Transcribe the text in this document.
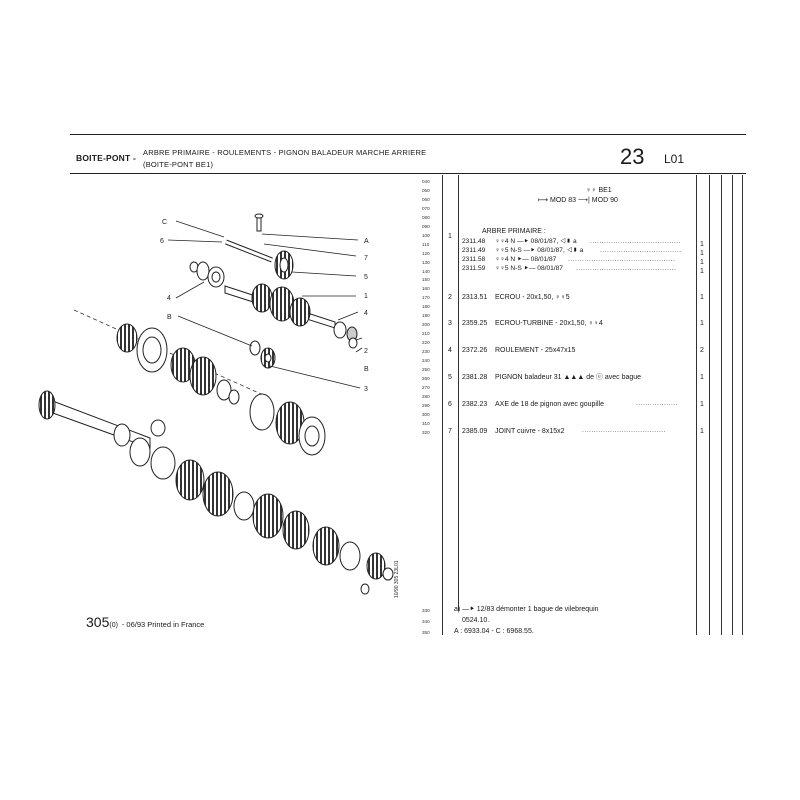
BOITE-PONT -
ARBRE PRIMAIRE - ROULEMENTS - PIGNON BALADEUR MARCHE ARRIERE
(BOITE-PONT BE1)	23 L01
040
050
060
070
080
090
100
110
120
130
140
150
160
170
180
190
200
210
220
230
240
250
260
270
280
290
300
310
320
♀♀ BE1
⟼ MOD 83 ⟶| MOD 90
1
ARBRE PRIMAIRE :
2311.48 ♀♀4 N —⯈ 08/01/87, ◁▮ a .......................................	1
2311.49 ♀♀5 N-S —⯈ 08/01/87, ◁▮ a	...................................	1
2311.58 ♀♀4 N ⯈— 08/01/87 ..............................................	1
2311.59 ♀♀5 N-S ⯈— 08/01/87 ...........................................	1
2 2313.51 ECROU - 20x1,50, ♀♀5	1
3 2359.25 ECROU-TURBINE - 20x1,50, ♀♀4	1
4 2372.26 ROULEMENT - 25x47x15	2
5 2381.28 PIGNON baladeur 31 ▲▲▲ de ⓔ avec bague	1
6 2382.23 AXE de 18 de pignon avec goupille	..................	1
7 2385.09 JOINT cuivre - 8x15x2	....................................	1
330
340
350
a) —⯈ 12/83 démonter 1 bague de vilebrequin
0524.10.
A : 6933.04 - C : 6968.55.
305(0) - 06/93 Printed in France
C
6
4
B
A
7
5
1
4
2
B
3
10/90 305 23L01
